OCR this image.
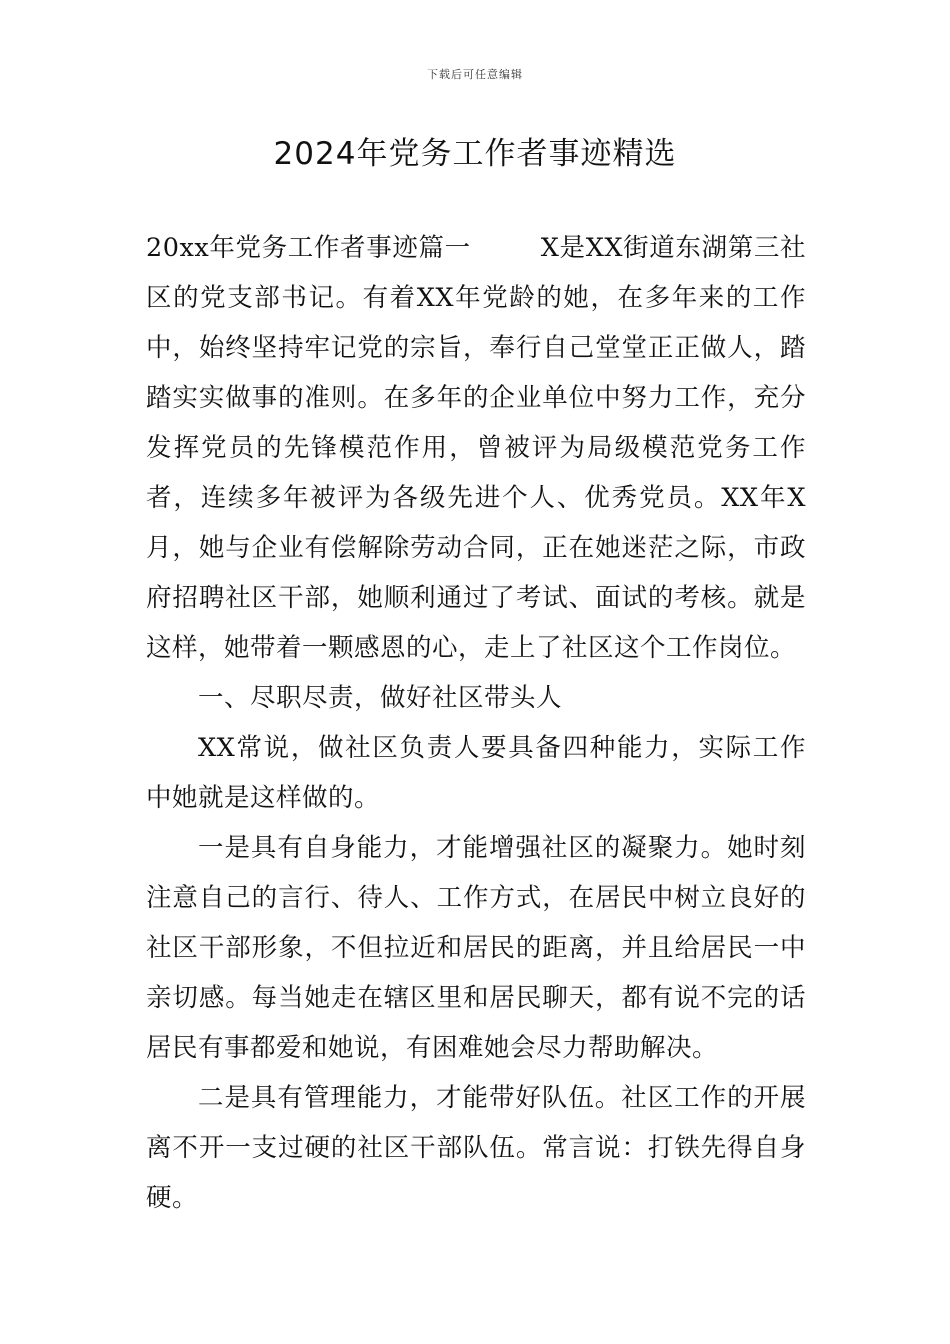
下载后可任意编辑
2024年党务工作者事迹精选

20xx年党务工作者事迹篇一	X是XX街道东湖第三社区的党支部书记。有着XX年党龄的她，在多年来的工作中，始终坚持牢记党的宗旨，奉行自己堂堂正正做人，踏踏实实做事的准则。在多年的企业单位中努力工作，充分发挥党员的先锋模范作用，曾被评为局级模范党务工作者，连续多年被评为各级先进个人、优秀党员。XX年X月，她与企业有偿解除劳动合同，正在她迷茫之际，市政府招聘社区干部，她顺利通过了考试、面试的考核。就是这样，她带着一颗感恩的心，走上了社区这个工作岗位。

一、尽职尽责，做好社区带头人

XX常说，做社区负责人要具备四种能力，实际工作中她就是这样做的。

一是具有自身能力，才能增强社区的凝聚力。她时刻注意自己的言行、待人、工作方式，在居民中树立良好的社区干部形象，不但拉近和居民的距离，并且给居民一中亲切感。每当她走在辖区里和居民聊天，都有说不完的话居民有事都爱和她说，有困难她会尽力帮助解决。

二是具有管理能力，才能带好队伍。社区工作的开展离不开一支过硬的社区干部队伍。常言说：打铁先得自身硬。
